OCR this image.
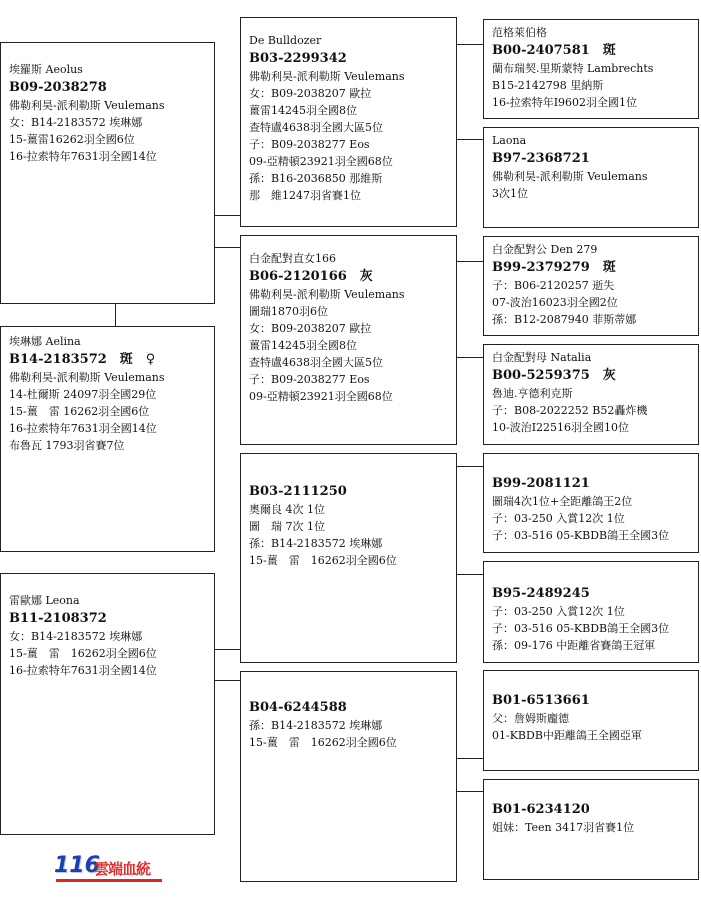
埃羅斯 Aeolus
B09-2038278
佛勒利昊-派利勒斯 Veulemans
女：B14-2183572 埃琳娜
15-薑雷16262羽全國6位
16-拉索特年7631羽全國14位
埃琳娜 Aelina
B14-2183572　斑　♀
佛勒利昊-派利勒斯 Veulemans
14-杜爾斯 24097羽全國29位
15-薑　雷 16262羽全國6位
16-拉索特年7631羽全國14位
布魯瓦 1793羽省賽7位
雷歐娜 Leona
B11-2108372
女：B14-2183572 埃琳娜
15-薑　雷　16262羽全國6位
16-拉索特年7631羽全國14位
De Bulldozer
B03-2299342
佛勒利昊-派利勒斯 Veulemans
女：B09-2038207 歐拉
薑雷14245羽全國8位
查特盧4638羽全國大區5位
子：B09-2038277 Eos
09-亞精頓23921羽全國68位
孫：B16-2036850 那維斯
那　維1247羽省賽1位
白金配對直女166
B06-2120166　灰
佛勒利昊-派利勒斯 Veulemans
圖瑞1870羽6位
女：B09-2038207 歐拉
薑雷14245羽全國8位
查特盧4638羽全國大區5位
子：B09-2038277 Eos
09-亞精頓23921羽全國68位
B03-2111250
奧爾良 4次 1位
圖　瑞 7次 1位
孫：B14-2183572 埃琳娜
15-薑　雷　16262羽全國6位
B04-6244588
孫：B14-2183572 埃琳娜
15-薑　雷　16262羽全國6位
范格萊伯格
B00-2407581　斑
蘭布瑞契.里斯蒙特 Lambrechts
B15-2142798 里納斯
16-拉索特年Ⅰ9602羽全國1位
Laona
B97-2368721
佛勒利昊-派利勒斯 Veulemans
3次1位
白金配對公 Den 279
B99-2379279　斑
子：B06-2120257 逝失
07-波治16023羽全國2位
孫：B12-2087940 菲斯蒂娜
白金配對母 Natalia
B00-5259375　灰
魯迪.亨德利克斯
子：B08-2022252 B52轟炸機
10-波治Ⅰ22516羽全國10位
B99-2081121
圖瑞4次1位+全距離鴿王2位
子：03-250 入賞12次 1位
子：03-516 05-KBDB鴿王全國3位
B95-2489245
子：03-250 入賞12次 1位
子：03-516 05-KBDB鴿王全國3位
孫：09-176 中距離省賽鴿王冠軍
B01-6513661
父：詹姆斯龐德
01-KBDB中距離鴿王全國亞軍
B01-6234120
姐妹：Teen 3417羽省賽1位
116
雲端血統
